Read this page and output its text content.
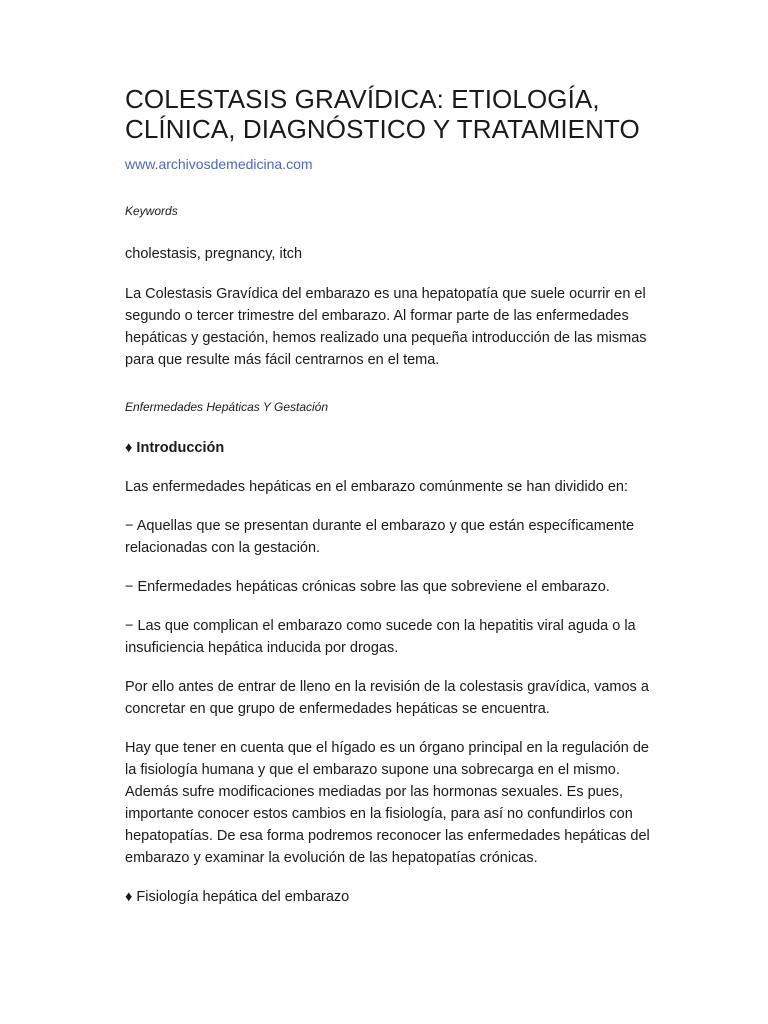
COLESTASIS GRAVÍDICA: ETIOLOGÍA,
CLÍNICA, DIAGNÓSTICO Y TRATAMIENTO
www.archivosdemedicina.com
Keywords
cholestasis, pregnancy, itch

La Colestasis Gravídica del embarazo es una hepatopatía que suele ocurrir en el segundo o tercer trimestre del embarazo. Al formar parte de las enfermedades hepáticas y gestación, hemos realizado una pequeña introducción de las mismas para que resulte más fácil centrarnos en el tema.

Enfermedades Hepáticas Y Gestación
♦ Introducción

Las enfermedades hepáticas en el embarazo comúnmente se han dividido en:

− Aquellas que se presentan durante el embarazo y que están específicamente relacionadas con la gestación.

− Enfermedades hepáticas crónicas sobre las que sobreviene el embarazo.

− Las que complican el embarazo como sucede con la hepatitis viral aguda o la insuficiencia hepática inducida por drogas.

Por ello antes de entrar de lleno en la revisión de la colestasis gravídica, vamos a concretar en que grupo de enfermedades hepáticas se encuentra.

Hay que tener en cuenta que el hígado es un órgano principal en la regulación de la fisiología humana y que el embarazo supone una sobrecarga en el mismo. Además sufre modificaciones mediadas por las hormonas sexuales. Es pues, importante conocer estos cambios en la fisiología, para así no confundirlos con hepatopatías. De esa forma podremos reconocer las enfermedades hepáticas del embarazo y examinar la evolución de las hepatopatías crónicas.

♦ Fisiología hepática del embarazo
